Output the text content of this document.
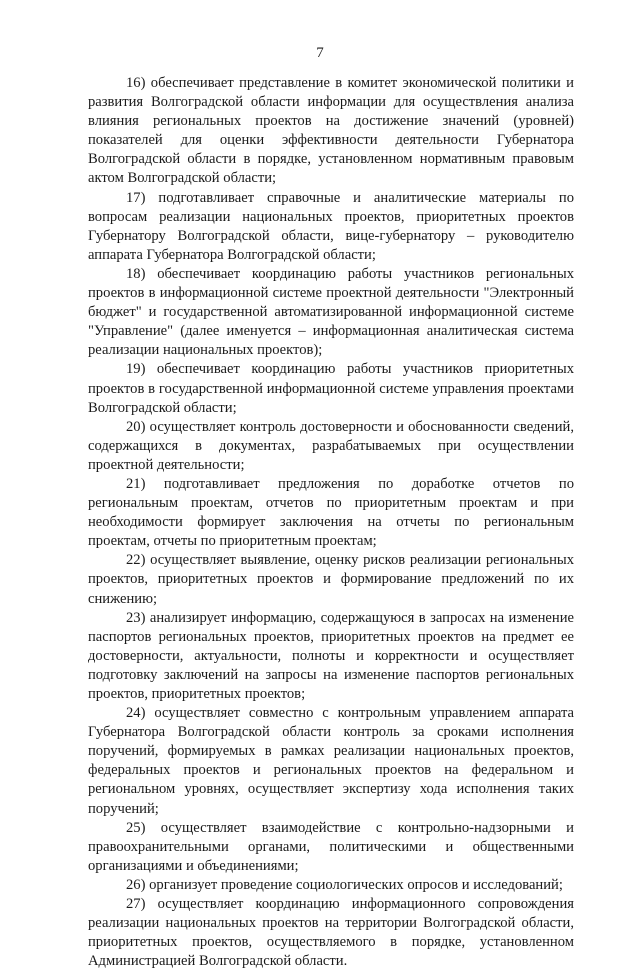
7

16) обеспечивает представление в комитет экономической политики и развития Волгоградской области информации для осуществления анализа влияния региональных проектов на достижение значений (уровней) показателей для оценки эффективности деятельности Губернатора Волгоградской области в порядке, установленном нормативным правовым актом Волгоградской области;

17) подготавливает справочные и аналитические материалы по вопросам реализации национальных проектов, приоритетных проектов Губернатору Волгоградской области, вице-губернатору – руководителю аппарата Губернатора Волгоградской области;

18) обеспечивает координацию работы участников региональных проектов в информационной системе проектной деятельности "Электронный бюджет" и государственной автоматизированной информационной системе "Управление" (далее именуется – информационная аналитическая система реализации национальных проектов);

19) обеспечивает координацию работы участников приоритетных проектов в государственной информационной системе управления проектами Волгоградской области;

20) осуществляет контроль достоверности и обоснованности сведений, содержащихся в документах, разрабатываемых при осуществлении проектной деятельности;

21) подготавливает предложения по доработке отчетов по региональным проектам, отчетов по приоритетным проектам и при необходимости формирует заключения на отчеты по региональным проектам, отчеты по приоритетным проектам;

22) осуществляет выявление, оценку рисков реализации региональных проектов, приоритетных проектов и формирование предложений по их снижению;

23) анализирует информацию, содержащуюся в запросах на изменение паспортов региональных проектов, приоритетных проектов на предмет ее достоверности, актуальности, полноты и корректности и осуществляет подготовку заключений на запросы на изменение паспортов региональных проектов, приоритетных проектов;

24) осуществляет совместно с контрольным управлением аппарата Губернатора Волгоградской области контроль за сроками исполнения поручений, формируемых в рамках реализации национальных проектов, федеральных проектов и региональных проектов на федеральном и региональном уровнях, осуществляет экспертизу хода исполнения таких поручений;

25) осуществляет взаимодействие с контрольно-надзорными и правоохранительными органами, политическими и общественными организациями и объединениями;

26) организует проведение социологических опросов и исследований;

27) осуществляет координацию информационного сопровождения реализации национальных проектов на территории Волгоградской области, приоритетных проектов, осуществляемого в порядке, установленном Администрацией Волгоградской области.
